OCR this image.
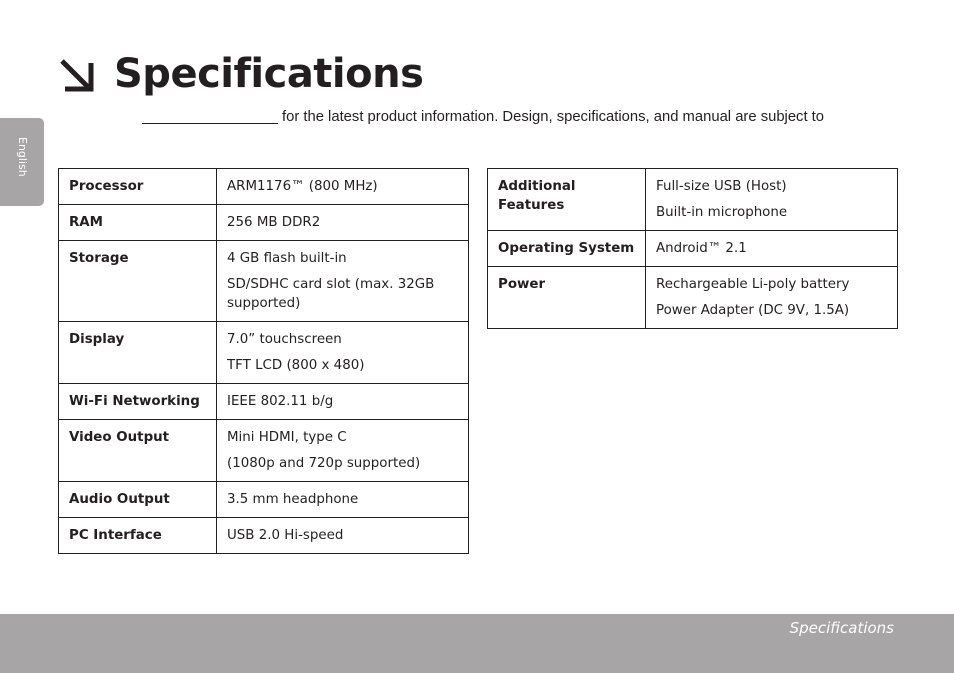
Specifications
for the latest product information. Design, specifications, and manual are subject to
English
Processor	ARM1176™ (800 MHz)

RAM	256 MB DDR2

Storage	4 GB flash built-in
SD/SDHC card slot (max. 32GB supported)

Display	7.0” touchscreen
TFT LCD (800 x 480)

Wi-Fi Networking	IEEE 802.11 b/g

Video Output	Mini HDMI, type C
(1080p and 720p supported)

Audio Output	3.5 mm headphone

PC Interface	USB 2.0 Hi-speed
Additional Features	Full-size USB (Host)
Built-in microphone

Operating System	Android™ 2.1

Power	Rechargeable Li-poly battery
Power Adapter (DC 9V, 1.5A)
Specifications
